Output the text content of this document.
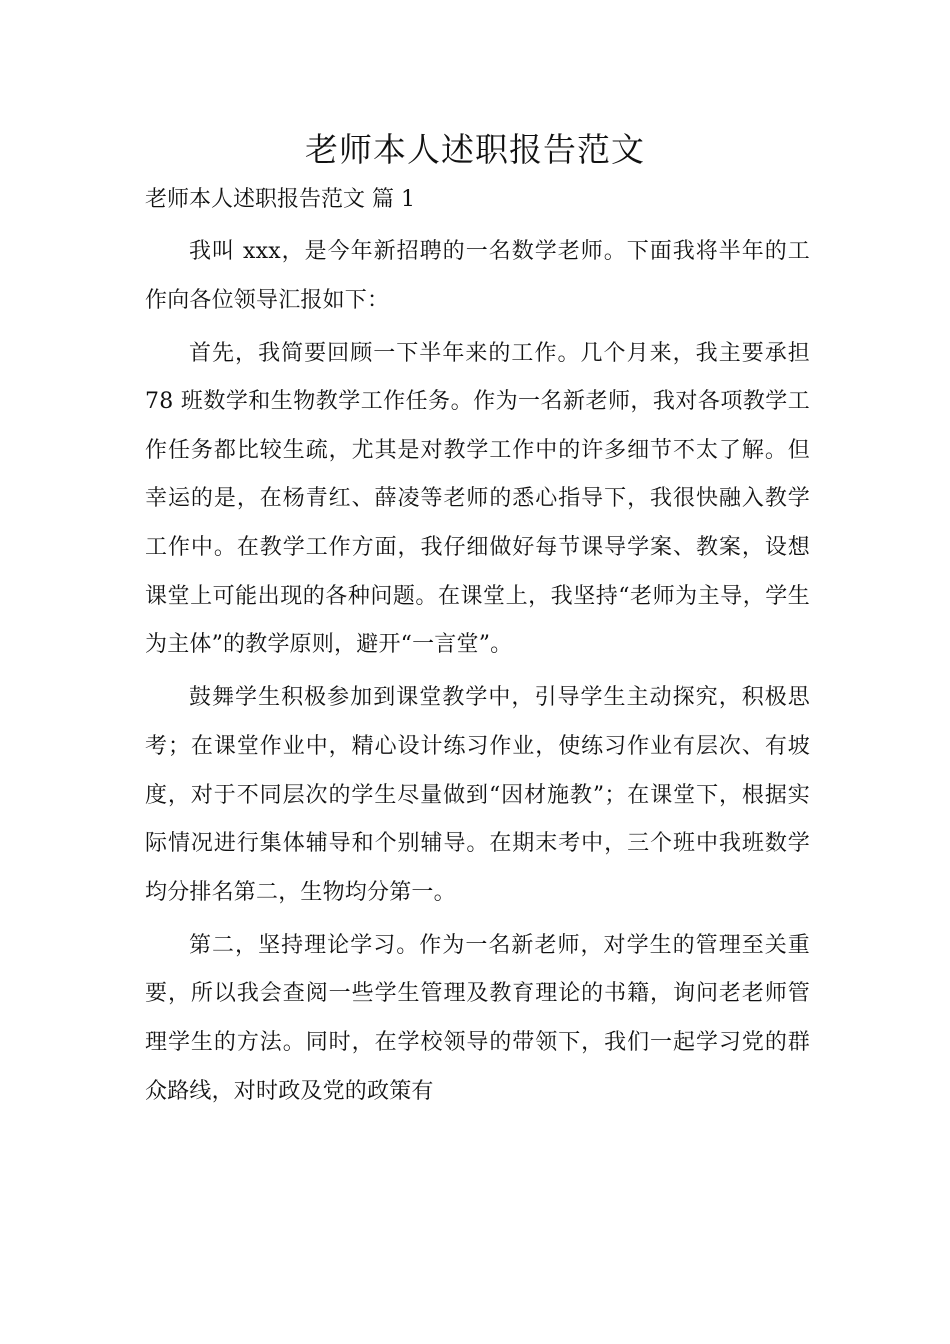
老师本人述职报告范文
老师本人述职报告范文 篇 1

我叫 xxx，是今年新招聘的一名数学老师。下面我将半年的工作向各位领导汇报如下：

首先，我简要回顾一下半年来的工作。几个月来，我主要承担 78 班数学和生物教学工作任务。作为一名新老师，我对各项教学工作任务都比较生疏，尤其是对教学工作中的许多细节不太了解。但幸运的是，在杨青红、薛凌等老师的悉心指导下，我很快融入教学工作中。在教学工作方面，我仔细做好每节课导学案、教案，设想课堂上可能出现的各种问题。在课堂上，我坚持“老师为主导，学生为主体”的教学原则，避开“一言堂”。

鼓舞学生积极参加到课堂教学中，引导学生主动探究，积极思考；在课堂作业中，精心设计练习作业，使练习作业有层次、有坡度，对于不同层次的学生尽量做到“因材施教”；在课堂下，根据实际情况进行集体辅导和个别辅导。在期末考中，三个班中我班数学均分排名第二，生物均分第一。

第二，坚持理论学习。作为一名新老师，对学生的管理至关重要，所以我会查阅一些学生管理及教育理论的书籍，询问老老师管理学生的方法。同时，在学校领导的带领下，我们一起学习党的群众路线，对时政及党的政策有
